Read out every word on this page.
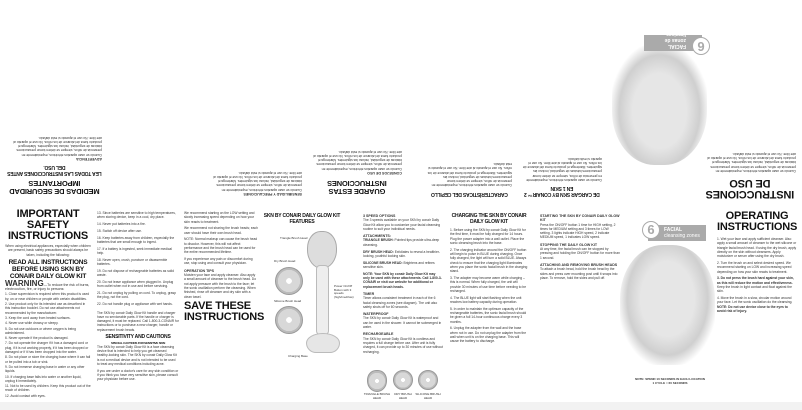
INSTRUCCIONES DE USO

Cuando se usan aparatos eléctricos, especialmente en presencia de niños, siempre se deben tomar precauciones básicas de seguridad, incluso las siguientes. Mantenga el producto fuera del alcance de los niños. No use el aparato al aire libre. No use el aparato si está dañado.

FACIAL
zonas de limpieza
6
DE CARGAR SKN BY CONAIR™ 2 EN 1 SKIN

Cuando se usan aparatos eléctricos, especialmente en presencia de niños, siempre se deben tomar precauciones básicas de seguridad, incluso las siguientes. Mantenga el producto fuera del alcance de los niños. No use el aparato al aire libre. No use el aparato si está dañado.

CARACTERÍSTICAS DEL CEPILLO

Cuando se usan aparatos eléctricos, especialmente en presencia de niños, siempre se deben tomar precauciones básicas de seguridad, incluso las siguientes. Mantenga el producto fuera del alcance de los niños. No use el aparato al aire libre. No use el aparato si está dañado.

GUARDE ESTAS INSTRUCCIONES
CONSEJOS DE USO

Cuando se usan aparatos eléctricos, especialmente en presencia de niños, siempre se deben tomar precauciones básicas de seguridad, incluso las siguientes. Mantenga el producto fuera del alcance de los niños. No use el aparato al aire libre. No use el aparato si está dañado.

SENSIBILIDAD Y PRECAUCIONES

Cuando se usan aparatos eléctricos, especialmente en presencia de niños, siempre se deben tomar precauciones básicas de seguridad, incluso las siguientes. Mantenga el producto fuera del alcance de los niños. No use el aparato al aire libre. No use el aparato si está dañado.

MEDIDAS DE SEGURIDAD IMPORTANTES
LEA TODAS LAS INSTRUCCIONES ANTES DEL USO.
ADVERTENCIA

Cuando se usan aparatos eléctricos, especialmente en presencia de niños, siempre se deben tomar precauciones básicas de seguridad, incluso las siguientes. Mantenga el producto fuera del alcance de los niños. No use el aparato al aire libre. No use el aparato si está dañado.

IMPORTANT SAFETY INSTRUCTIONS

When using electrical appliances, especially when children are present, basic safety precautions should always be taken, including the following:

READ ALL INSTRUCTIONS BEFORE USING SKN BY CONAIR DAILY GLOW KIT

WARNING—To reduce the risk of burns, electrocution, fire, or injury to persons:

1. Close supervision is required when this product is used by, on or near children or people with certain disabilities.

2. Use product only for its intended use as described in this instruction booklet. Do not use attachments not recommended by the manufacturer.

3. Keep the cord away from heated surfaces.

4. Never use while drowsy or sleepy.

5. Do not use outdoors or where oxygen is being administered.

6. Never operate if the product is damaged.

7. Do not operate the charger if it has a damaged cord or plug, if it is not working properly, if it has been dropped or damaged or if it has been dropped into the water.

8. Do not place or store the charging base where it can fall or be pulled into a tub or sink.

9. Do not immerse charging base in water or any other liquids.

10. If charging base falls into water or another liquid, unplug it immediately.

11. Not to be used by children. Keep this product out of the reach of children.

12. Avoid contact with eyes.

13. Since batteries are sensitive to high temperatures, when storing device, keep in a cool, dry place.

14. Never put batteries into a fire.

15. Switch off device after use.

16. Keep batteries away from children, especially the batteries that are small enough to ingest.

17. If a battery is ingested, seek immediate medical help.

18. Never open, crush, puncture or disassemble batteries.

19. Do not dispose of rechargeable batteries as solid waste.

20. Do not leave appliance when plugged in. Unplug from outlet when not in use and before servicing.

21. Do not unplug by pulling on cord. To unplug, grasp the plug, not the cord.

22. Do not handle plug or appliance with wet hands.

The SKN by conair Daily Glow Kit handle and charger have no serviceable parts. If the handle or charger is damaged, it must be replaced. Call 1-800-3-CONAIR for instructions or to purchase a new charger, handle or replacement brush heads.

SENSITIVITY AND CAUTIONS
SPECIAL CAUTIONS FOR SENSITIVE SKIN

The SKN by conair Daily Glow Kit is a face cleansing device that is intended to help you get cleansed healthy-looking skin. The SKN by conair Daily Glow Kit is not a medical device and is not intended to be used to treat any medical conditions including acne.

If you are under a doctor's care for any skin condition or if you think you have very sensitive skin, please consult your physician before use.

We recommend starting on the LOW setting and slowly increasing speed depending on how your skin reacts to treatment.

We recommend not sharing the brush heads; each user should have their own brush head.

NOTE: Normal makeup can cause the brush head to discolor. However, this will not affect performance and the brush head can be used for the entire recommended lifetime.

If you experience any pain or discomfort during use, stop using and consult your physician.

OPERATION TIPS

Moisten your face and apply cleanser. Also apply a small amount of cleanser to the brush head. Do not apply pressure with the brush to the face; let the sonic oscillation perform the cleansing. When finished, rinse off cleanser and dry skin with a clean towel.

SAVE THESE INSTRUCTIONS
SKN BY CONAIR DAILY GLOW KIT FEATURES
Triangle Brush Head
Dry Brush Head
Silicone Brush Head
Power On/Off Button with 3 speeds (high/med/low)
Charging Base
3 SPEED OPTIONS

The 3 speeds available on your SKN by conair Daily Glow Kit allow you to customize your facial cleansing routine to suit your individual needs.

ATTACHMENTS:

TRIANGLE BRUSH: Pointed tips provide ultra-deep cleansing.

DRY BRUSH HEAD: Exfoliates to reveal a healthier-looking, youthful looking skin.

SILICONE BRUSH HEAD: Brightens and refines sensitive skin.

NOTE: Your SKN by conair Daily Glow Kit may only be used with these attachments. Call 1-800-3-CONAIR or visit our website for additional or replacement brush heads.

TIMER

Timer allows consistent treatment in each of the 6 facial cleansing zones (see diagram). The unit also safety shuts off for 60 seconds.

WATERPROOF

The SKN by conair Daily Glow Kit is waterproof and can be used in the shower. It cannot be submerged in water.

RECHARGEABLE

The SKN by conair Daily Glow Kit is cordless and requires a full charge before use. After unit is fully charged, it can provide up to 30 minutes of use without recharging.

TRIANGLE BRUSH HEAD
DRY BRUSH HEAD
SILICONE BRUSH HEAD
CHARGING THE SKN BY CONAIR DAILY GLOW KIT

1. Before using the SKN by conair Daily Glow Kit for the first time, it must be fully charged for 14 hours. Plug the power adapter into a wall outlet. Place the sonic cleansing brush into the base.

2. The charging indicator around the ON/OFF button will begin to pulse in BLUE during charging. Once fully charged, the light will turn a solid BLUE. Always check to ensure that the charging light illuminates when you place the sonic facial brush in the charging stand.

3. The adapter may become warm while charging – this is normal. When fully charged, the unit will provide 30 minutes of use time before needing to be recharged.

4. The BLUE light will start flashing when the unit reaches low battery capacity during operation.

5. In order to maintain the optimum capacity of the rechargeable batteries, the sonic facial brush should be given a full 14-hour continuous charge every 3 months.

6. Unplug the adapter from the wall and the base when not in use. Do not unplug the adapter from the wall when unit is on the charging base. This will cause the battery to discharge.

STARTING THE SKN BY CONAIR DAILY GLOW KIT

Press the ON/OFF button 1 time for HIGH setting, 2 times for MEDIUM setting and 3 times for LOW setting. 3 lights indicate HIGH speed, 2 indicate MEDIUM speed, 1 indicates LOW speed.

STOPPING THE DAILY GLOW KIT

At any time, the facial brush can be stopped by pressing and holding the ON/OFF button for more than 1 second.

ATTACHING AND REMOVING BRUSH HEADS

To attach a brush head, hold the brush head by the sides and press over mounting post until it snaps into place. To remove, hold the sides and pull off.

FACIAL
cleansing zones
6
NOTE: SPEND 10 SECONDS IN EACH LOCATION
1 CYCLE = 60 SECONDS
OPERATING INSTRUCTIONS

1. Wet your face and apply sufficient cleanser. Also apply a small amount of cleanser to the wet silicone or triangle facial brush head. If using the dry brush, apply directly on the skin without cleansers. Apply moisturizer or serum after using the dry brush.

2. Turn the brush on and select desired speed. We recommend starting on LOW and increasing speed depending on how your skin reacts to treatment.

3. Do not press the brush hard against your skin, as this will reduce the motion and effectiveness. Keep the brush in light contact and float against the skin.

4. Move the brush in a slow, circular motion around your face. Let the sonic oscillation do the cleansing. NOTE: Do not use device close to the eyes to avoid risk of injury.
